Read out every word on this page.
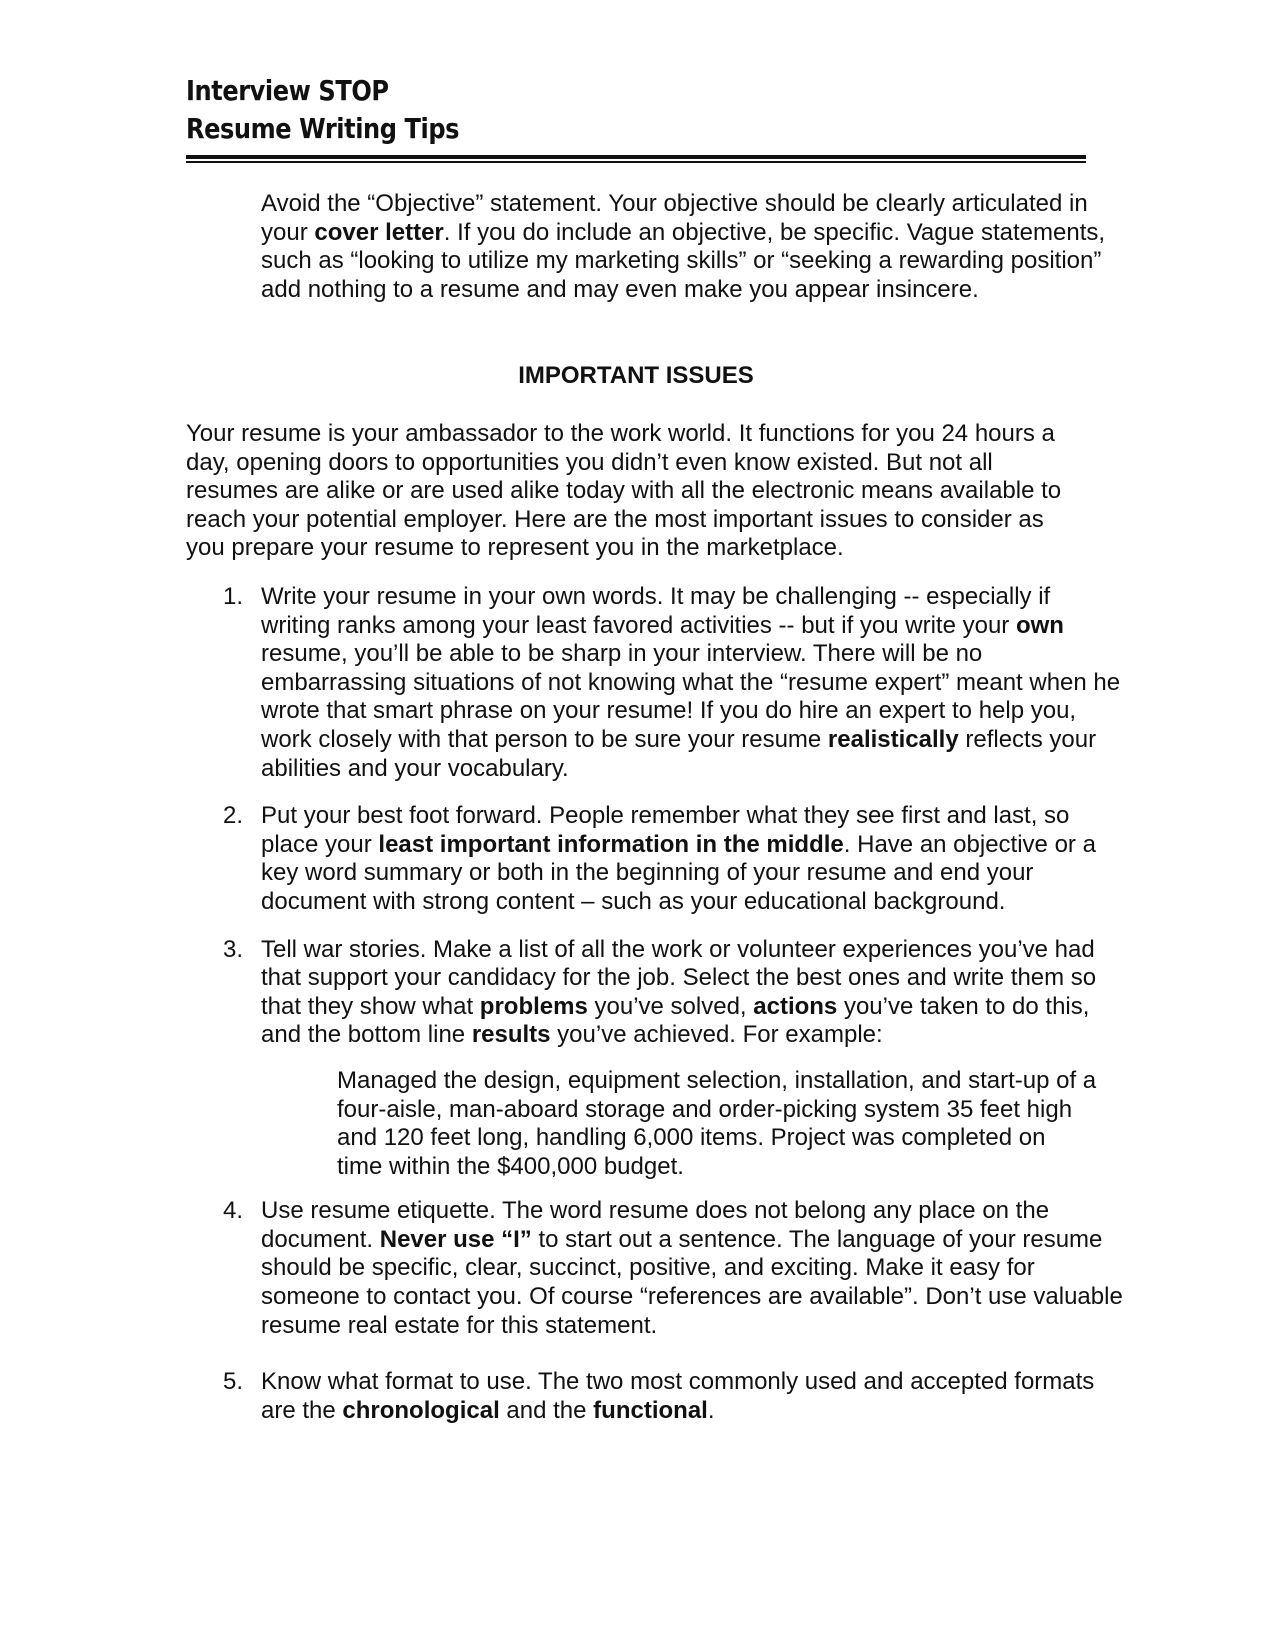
Interview STOP
Resume Writing Tips

Avoid the “Objective” statement. Your objective should be clearly articulated in your cover letter. If you do include an objective, be specific. Vague statements, such as “looking to utilize my marketing skills” or “seeking a rewarding position” add nothing to a resume and may even make you appear insincere.

IMPORTANT ISSUES

Your resume is your ambassador to the work world. It functions for you 24 hours a day, opening doors to opportunities you didn’t even know existed. But not all resumes are alike or are used alike today with all the electronic means available to reach your potential employer. Here are the most important issues to consider as you prepare your resume to represent you in the marketplace.

1. Write your resume in your own words. It may be challenging -- especially if writing ranks among your least favored activities -- but if you write your own resume, you’ll be able to be sharp in your interview. There will be no embarrassing situations of not knowing what the “resume expert” meant when he wrote that smart phrase on your resume! If you do hire an expert to help you, work closely with that person to be sure your resume realistically reflects your abilities and your vocabulary.
2. Put your best foot forward. People remember what they see first and last, so place your least important information in the middle. Have an objective or a key word summary or both in the beginning of your resume and end your document with strong content – such as your educational background.
3. Tell war stories. Make a list of all the work or volunteer experiences you’ve had that support your candidacy for the job. Select the best ones and write them so that they show what problems you’ve solved, actions you’ve taken to do this, and the bottom line results you’ve achieved. For example:

Managed the design, equipment selection, installation, and start-up of a four-aisle, man-aboard storage and order-picking system 35 feet high and 120 feet long, handling 6,000 items. Project was completed on time within the $400,000 budget.

4. Use resume etiquette. The word resume does not belong any place on the document. Never use “I” to start out a sentence. The language of your resume should be specific, clear, succinct, positive, and exciting. Make it easy for someone to contact you. Of course “references are available”. Don’t use valuable resume real estate for this statement.
5. Know what format to use. The two most commonly used and accepted formats are the chronological and the functional.
